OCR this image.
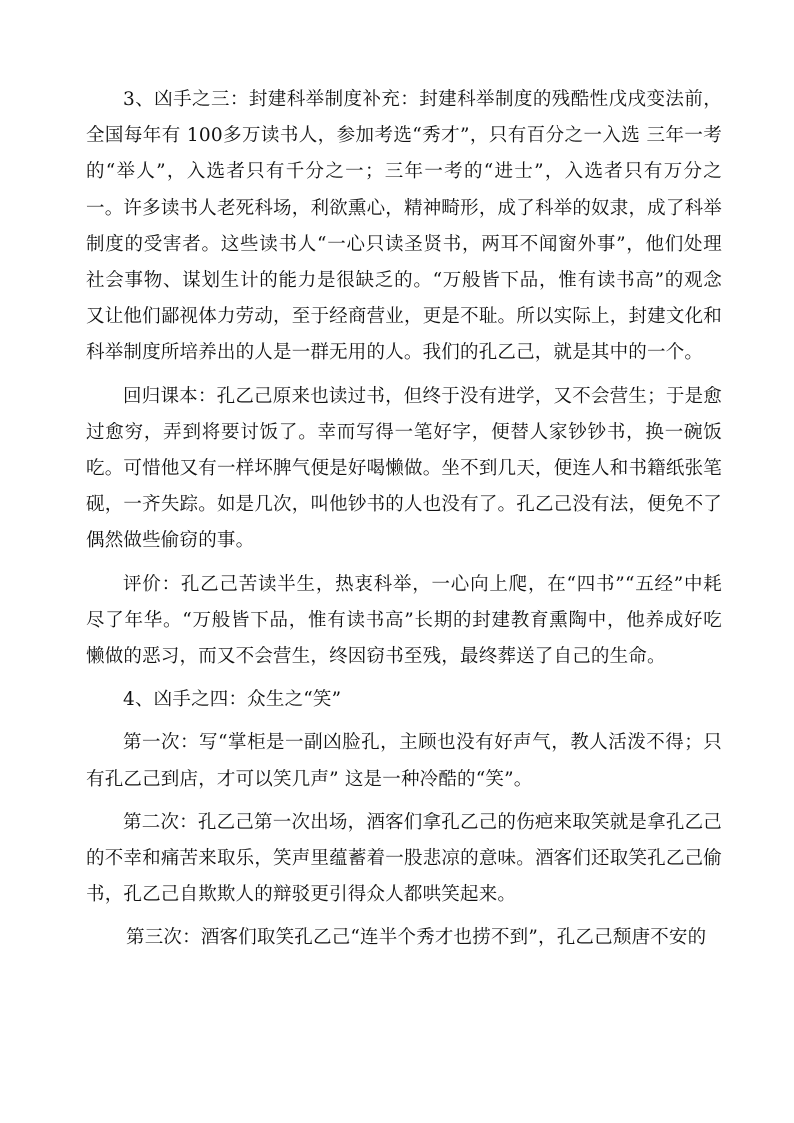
3、凶手之三：封建科举制度补充：封建科举制度的残酷性戊戌变法前，全国每年有 100多万读书人，参加考选“秀才”，只有百分之一入选 三年一考的“举人”，入选者只有千分之一；三年一考的“进士”，入选者只有万分之一。许多读书人老死科场，利欲熏心，精神畸形，成了科举的奴隶，成了科举制度的受害者。这些读书人“一心只读圣贤书，两耳不闻窗外事”，他们处理社会事物、谋划生计的能力是很缺乏的。“万般皆下品，惟有读书高”的观念又让他们鄙视体力劳动，至于经商营业，更是不耻。所以实际上，封建文化和科举制度所培养出的人是一群无用的人。我们的孔乙己，就是其中的一个。

回归课本：孔乙己原来也读过书，但终于没有进学，又不会营生；于是愈过愈穷，弄到将要讨饭了。幸而写得一笔好字，便替人家钞钞书，换一碗饭吃。可惜他又有一样坏脾气便是好喝懒做。坐不到几天，便连人和书籍纸张笔砚，一齐失踪。如是几次，叫他钞书的人也没有了。孔乙己没有法，便免不了偶然做些偷窃的事。

评价：孔乙己苦读半生，热衷科举，一心向上爬，在“四书”“五经”中耗尽了年华。“万般皆下品，惟有读书高”长期的封建教育熏陶中，他养成好吃懒做的恶习，而又不会营生，终因窃书至残，最终葬送了自己的生命。

4、凶手之四：众生之“笑”

第一次：写“掌柜是一副凶脸孔，主顾也没有好声气，教人活泼不得；只有孔乙己到店，才可以笑几声” 这是一种冷酷的“笑”。

第二次：孔乙己第一次出场，酒客们拿孔乙己的伤疤来取笑就是拿孔乙己的不幸和痛苦来取乐，笑声里蕴蓄着一股悲凉的意味。酒客们还取笑孔乙己偷书，孔乙己自欺欺人的辩驳更引得众人都哄笑起来。

第三次：酒客们取笑孔乙己“连半个秀才也捞不到”，孔乙己颓唐不安的
